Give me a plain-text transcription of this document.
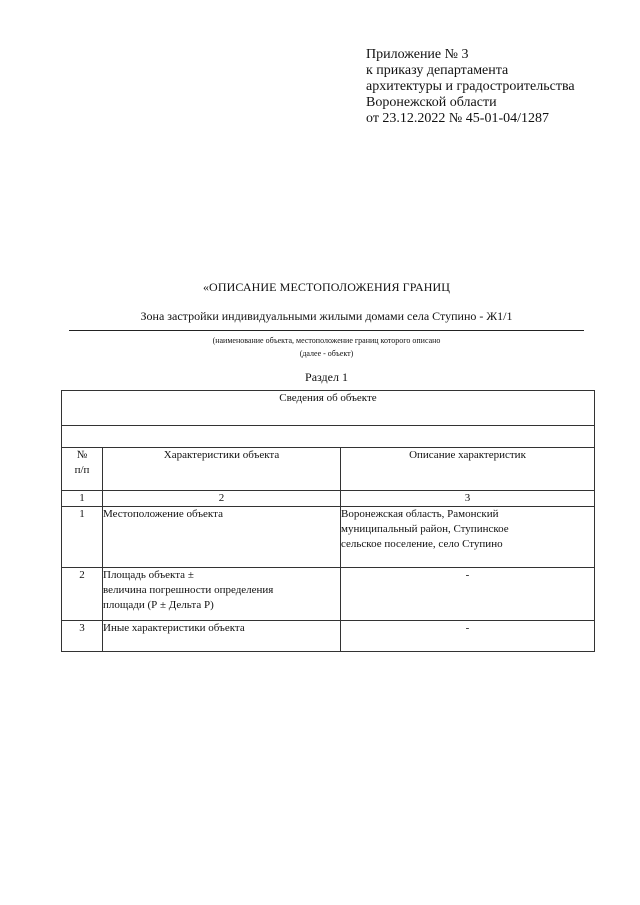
Приложение № 3
к приказу департамента
архитектуры и градостроительства
Воронежской области
от 23.12.2022 № 45-01-04/1287
«ОПИСАНИЕ МЕСТОПОЛОЖЕНИЯ ГРАНИЦ
Зона застройки индивидуальными жилыми домами села Ступино - Ж1/1
(наименование объекта, местоположение границ которого описано
(далее - объект)
Раздел 1
Сведения об объекте		

№
п/п	Характеристики объекта	Описание характеристик
1	2	3
1	Местоположение объекта	Воронежская область, Рамонский
муниципальный район, Ступинское
сельское поселение, село Ступино

2	Площадь объекта ±
величина погрешности определения
площади (Р ± Дельта Р)	-
3	Иные характеристики объекта	-
